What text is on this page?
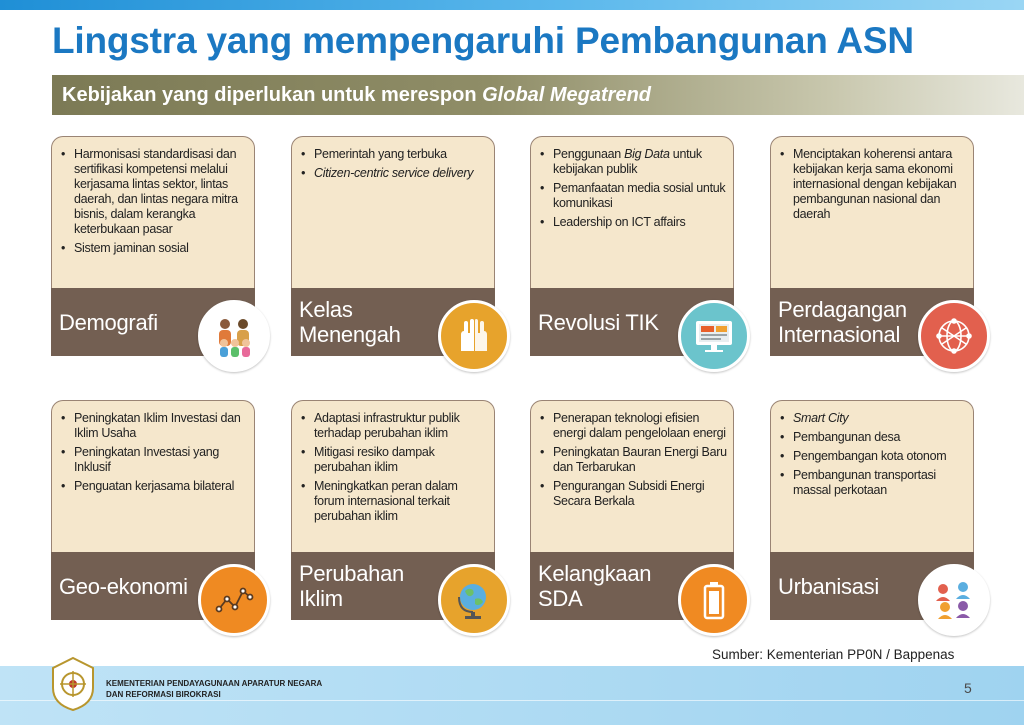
Lingstra yang mempengaruhi Pembangunan ASN
Kebijakan yang diperlukan untuk merespon Global Megatrend
• Harmonisasi standardisasi dan sertifikasi kompetensi melalui kerjasama lintas sektor, lintas daerah, dan lintas negara mitra bisnis, dalam kerangka keterbukaan pasar
• Sistem jaminan sosial
Demografi
• Pemerintah yang terbuka
• Citizen-centric service delivery
Kelas Menengah
• Penggunaan Big Data untuk kebijakan publik
• Pemanfaatan media sosial untuk komunikasi
• Leadership on ICT affairs
Revolusi TIK
• Menciptakan koherensi antara kebijakan kerja sama ekonomi internasional dengan kebijakan pembangunan nasional dan daerah
Perdagangan Internasional
• Peningkatan Iklim Investasi dan Iklim Usaha
• Peningkatan Investasi yang Inklusif
• Penguatan kerjasama bilateral
Geo-ekonomi
• Adaptasi infrastruktur publik terhadap perubahan iklim
• Mitigasi resiko dampak perubahan iklim
• Meningkatkan peran dalam forum internasional terkait perubahan iklim
Perubahan Iklim
• Penerapan teknologi efisien energi dalam pengelolaan energi
• Peningkatan Bauran Energi Baru dan Terbarukan
• Pengurangan Subsidi Energi Secara Berkala
Kelangkaan SDA
• Smart City
• Pembangunan desa
• Pengembangan kota otonom
• Pembangunan transportasi massal perkotaan
Urbanisasi
Sumber: Kementerian PP0N / Bappenas
KEMENTERIAN PENDAYAGUNAAN APARATUR NEGARA
DAN REFORMASI BIROKRASI	5
